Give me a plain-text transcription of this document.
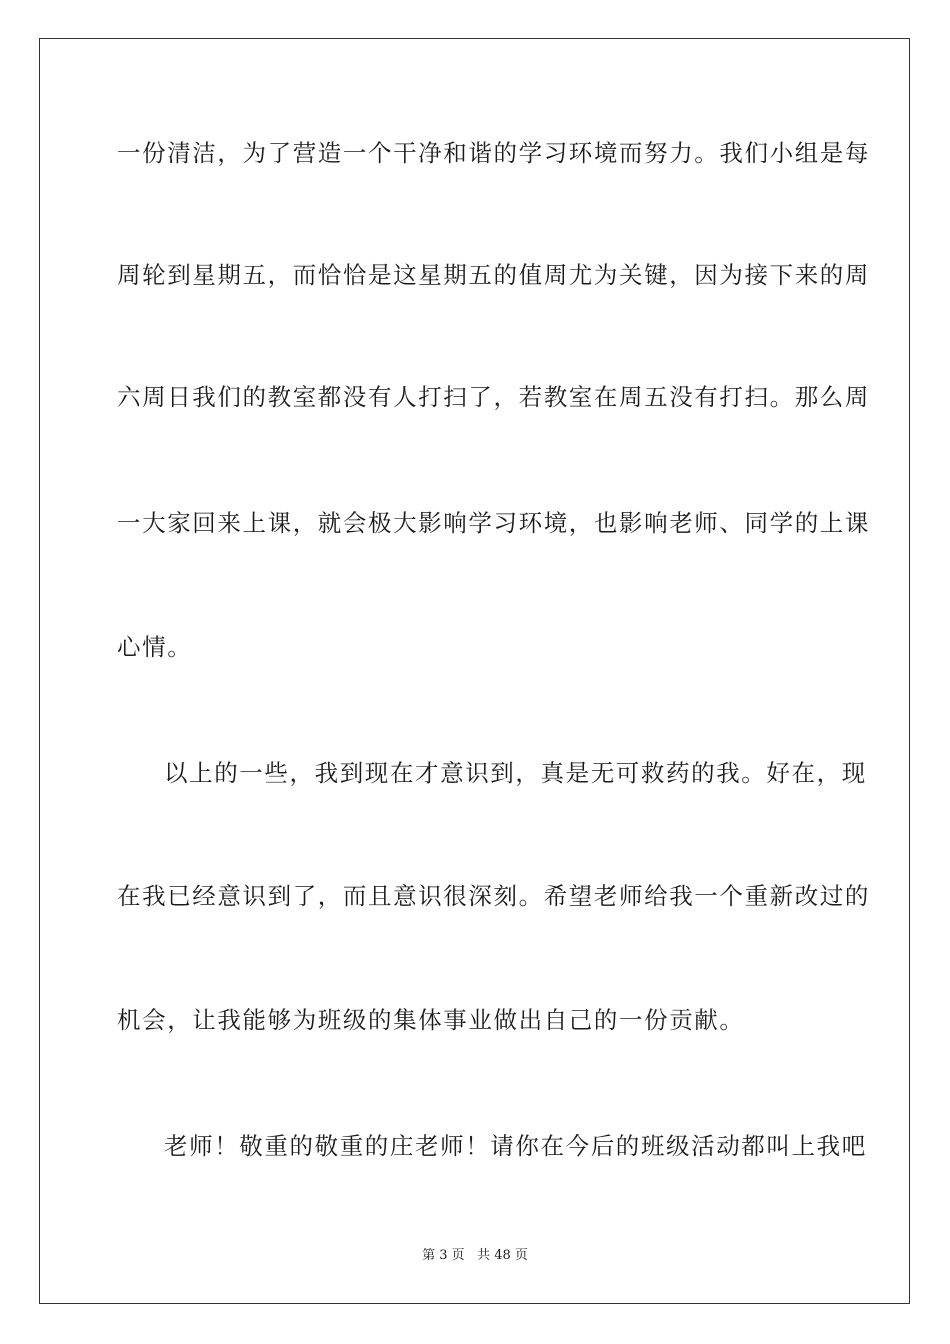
一份清洁，为了营造一个干净和谐的学习环境而努力。我们小组是每
周轮到星期五，而恰恰是这星期五的值周尤为关键，因为接下来的周
六周日我们的教室都没有人打扫了，若教室在周五没有打扫。那么周
一大家回来上课，就会极大影响学习环境，也影响老师、同学的上课
心情。
以上的一些，我到现在才意识到，真是无可救药的我。好在，现
在我已经意识到了，而且意识很深刻。希望老师给我一个重新改过的
机会，让我能够为班级的集体事业做出自己的一份贡献。
老师！敬重的敬重的庄老师！请你在今后的班级活动都叫上我吧
第 3 页   共 48 页
